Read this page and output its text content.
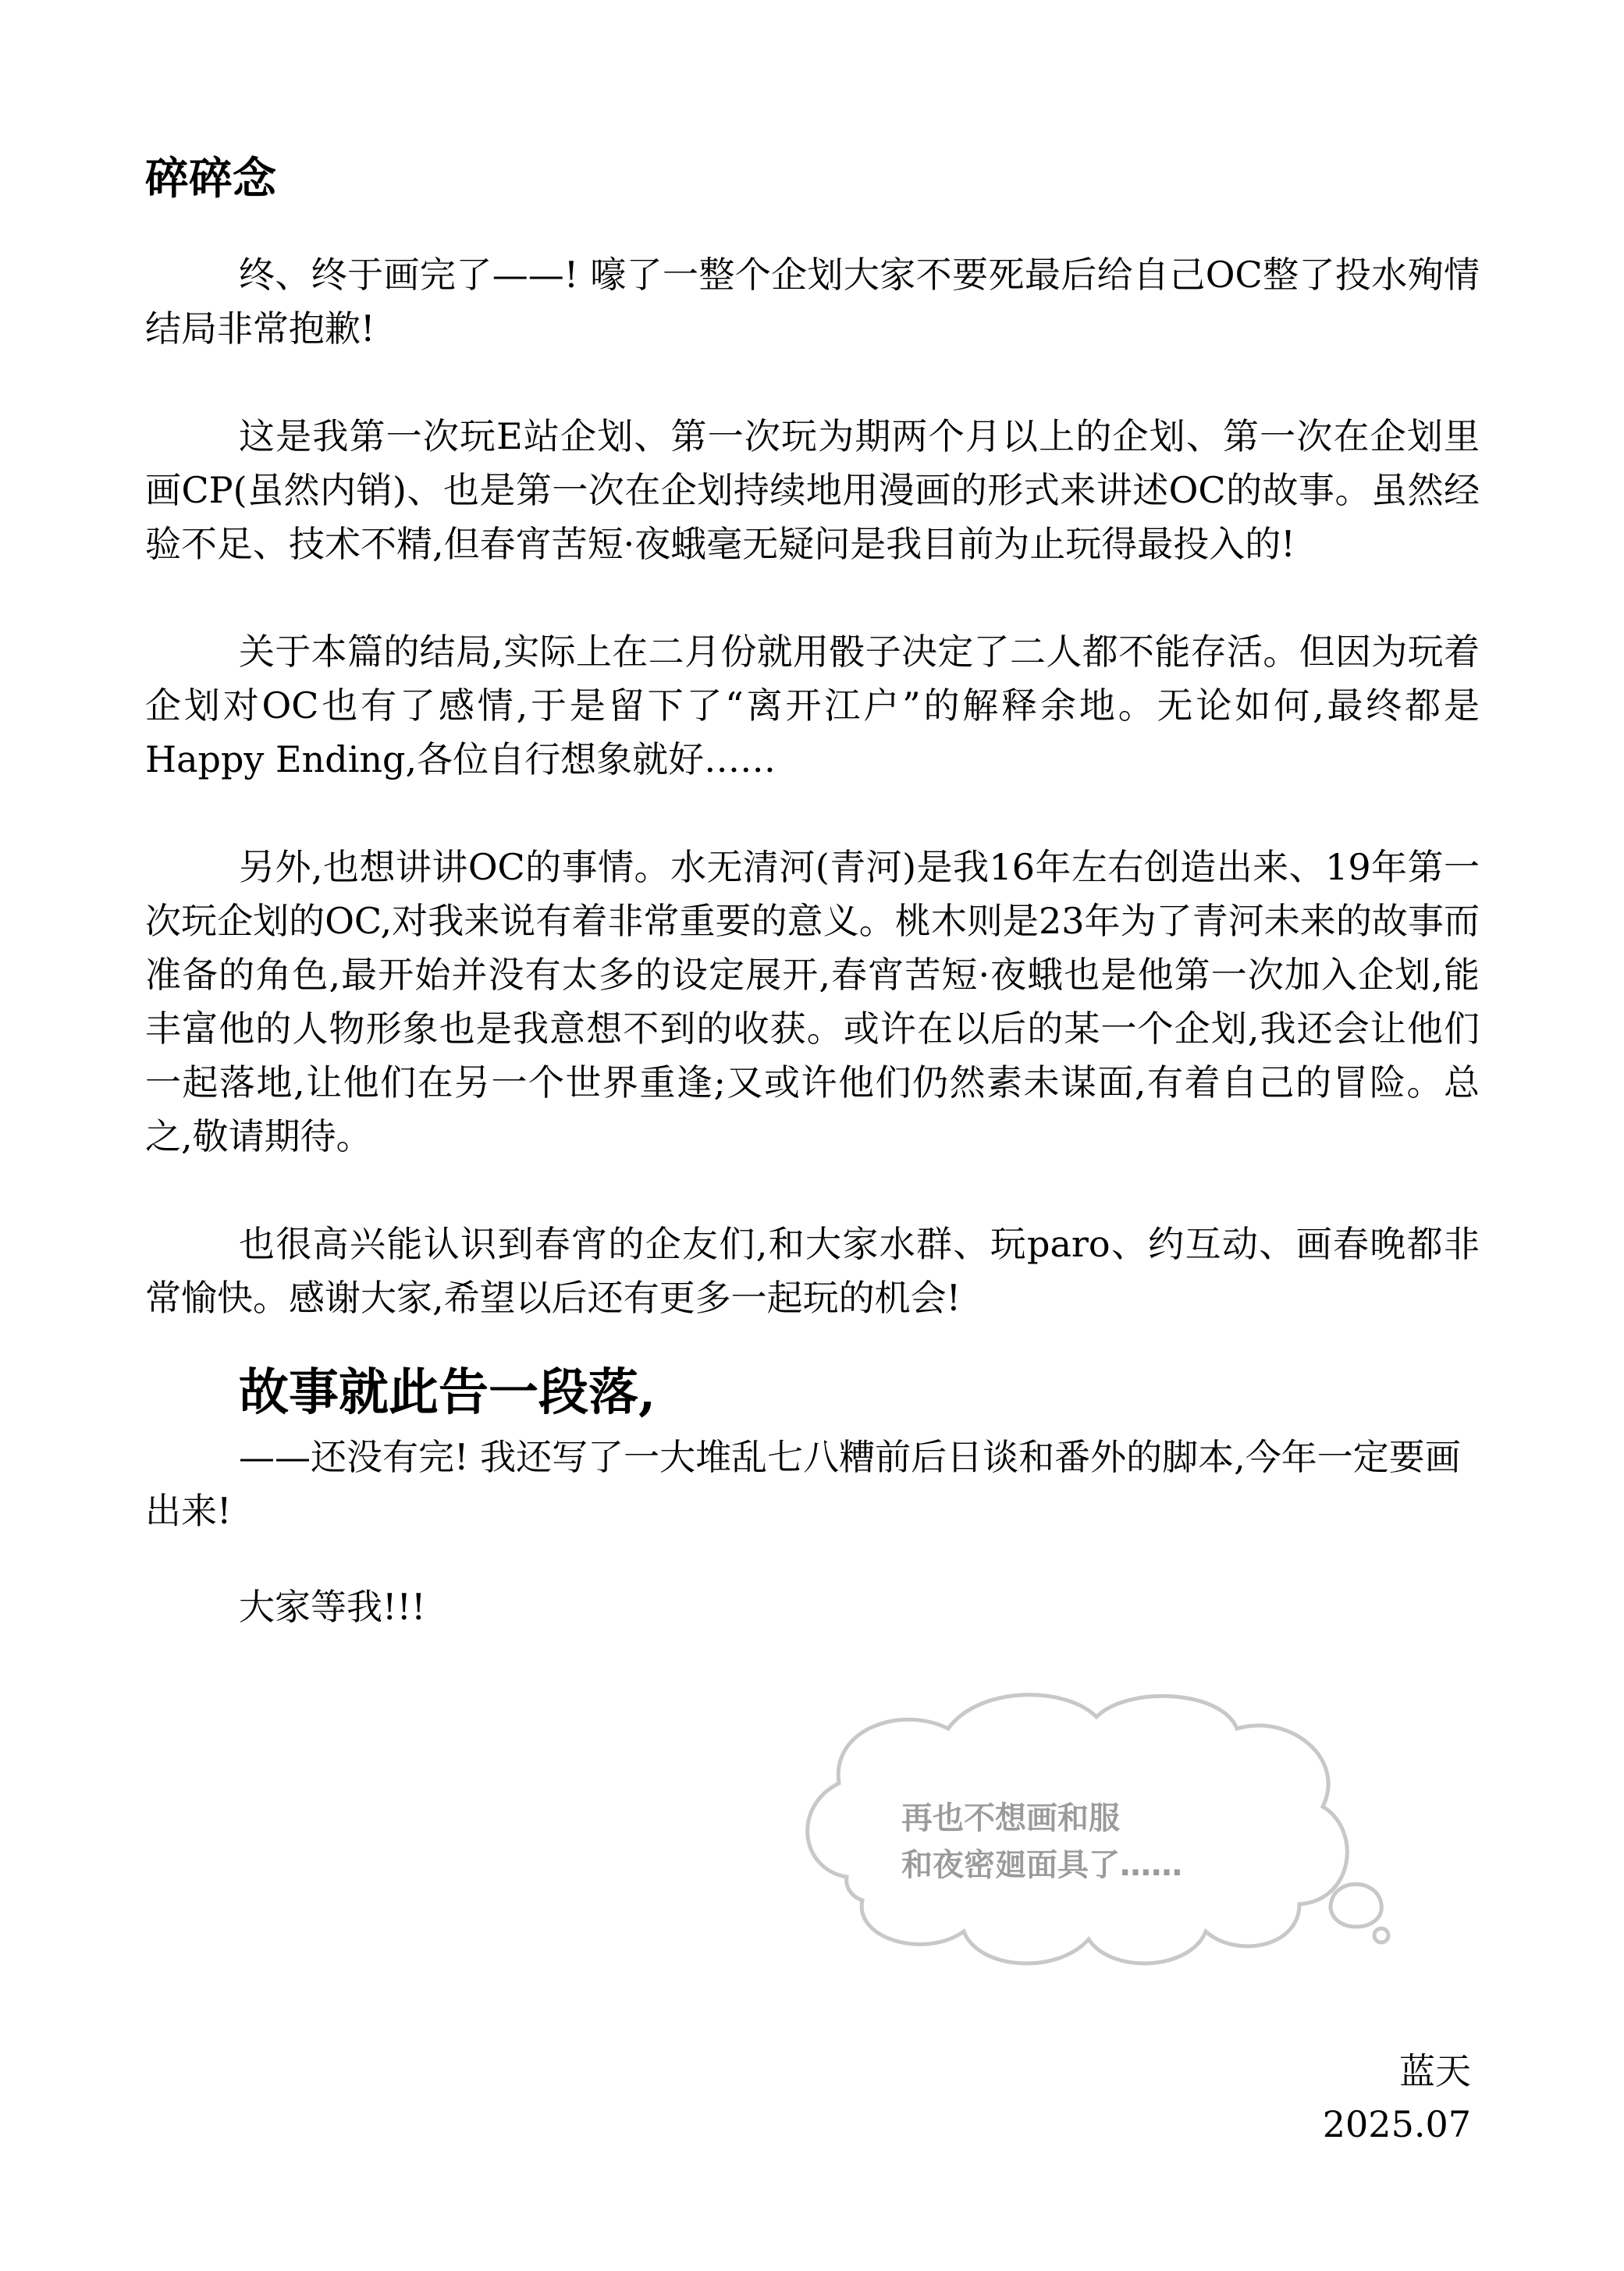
碎碎念

终、终于画完了——! 嚎了一整个企划大家不要死最后给自己OC整了投水殉情结局非常抱歉!

这是我第一次玩E站企划、第一次玩为期两个月以上的企划、第一次在企划里画CP(虽然内销)、也是第一次在企划持续地用漫画的形式来讲述OC的故事。虽然经验不足、技术不精,但春宵苦短·夜蛾毫无疑问是我目前为止玩得最投入的!

关于本篇的结局,实际上在二月份就用骰子决定了二人都不能存活。但因为玩着企划对OC也有了感情,于是留下了“离开江户”的解释余地。无论如何,最终都是Happy Ending,各位自行想象就好……

另外,也想讲讲OC的事情。水无清河(青河)是我16年左右创造出来、19年第一次玩企划的OC,对我来说有着非常重要的意义。桃木则是23年为了青河未来的故事而准备的角色,最开始并没有太多的设定展开,春宵苦短·夜蛾也是他第一次加入企划,能丰富他的人物形象也是我意想不到的收获。或许在以后的某一个企划,我还会让他们一起落地,让他们在另一个世界重逢;又或许他们仍然素未谋面,有着自己的冒险。总之,敬请期待。

也很高兴能认识到春宵的企友们,和大家水群、玩paro、约互动、画春晚都非常愉快。感谢大家,希望以后还有更多一起玩的机会!

故事就此告一段落,

——还没有完! 我还写了一大堆乱七八糟前后日谈和番外的脚本,今年一定要画出来!

大家等我!!!

再也不想画和服
和夜密廻面具了……
蓝天
2025.07
